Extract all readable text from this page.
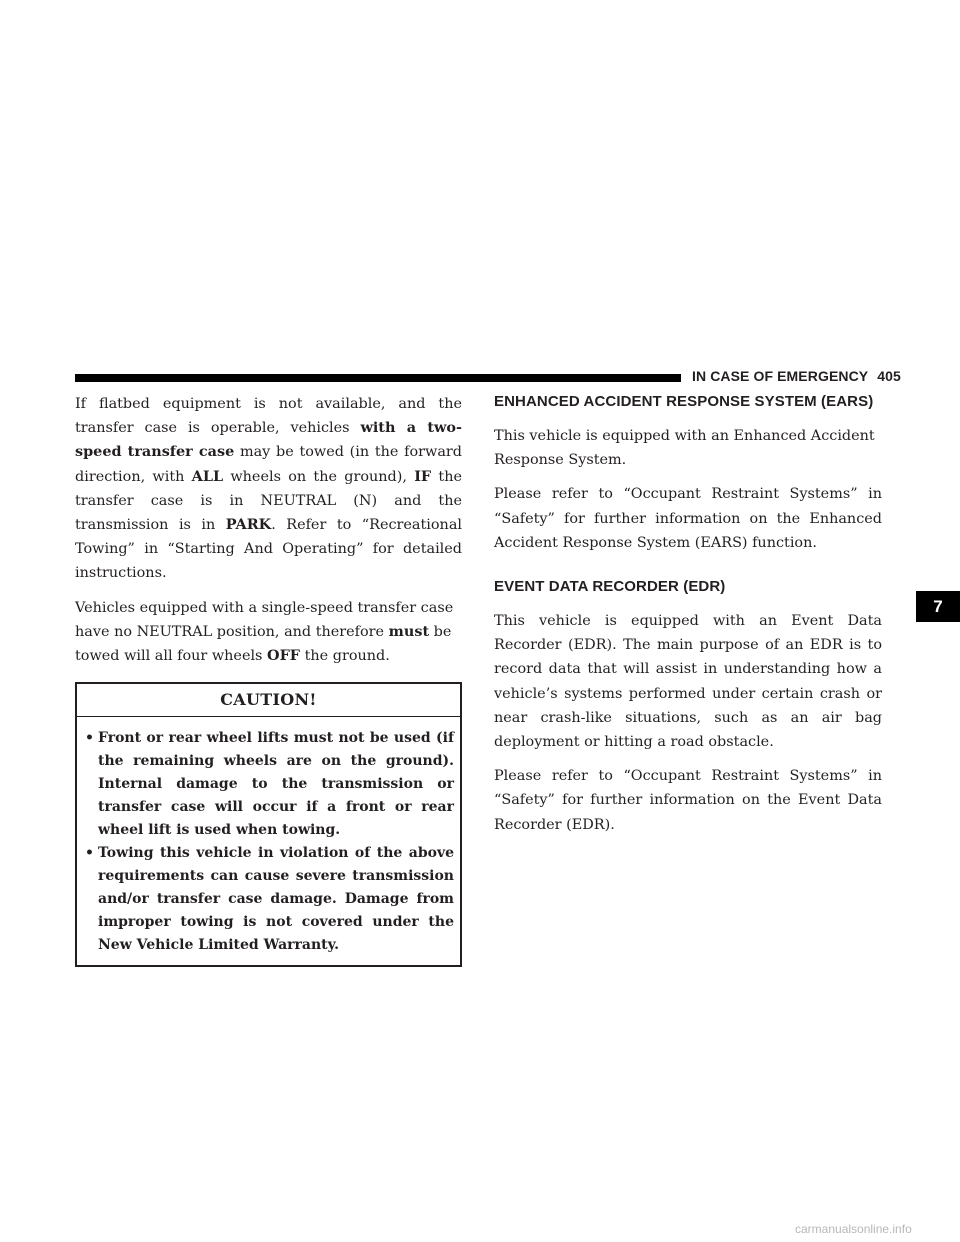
IN CASE OF EMERGENCY 405

If flatbed equipment is not available, and the transfer case is operable, vehicles with a two-speed transfer case may be towed (in the forward direction, with ALL wheels on the ground), IF the transfer case is in NEUTRAL (N) and the transmission is in PARK. Refer to “Recreational Towing” in “Starting And Operating” for detailed instructions.

Vehicles equipped with a single-speed transfer case have no NEUTRAL position, and therefore must be towed will all four wheels OFF the ground.

CAUTION!
• Front or rear wheel lifts must not be used (if the remaining wheels are on the ground). Internal damage to the transmission or transfer case will occur if a front or rear wheel lift is used when towing.
• Towing this vehicle in violation of the above requirements can cause severe transmission and/or transfer case damage. Damage from improper towing is not covered under the New Vehicle Limited Warranty.
ENHANCED ACCIDENT RESPONSE SYSTEM (EARS)

This vehicle is equipped with an Enhanced Accident Response System.

Please refer to “Occupant Restraint Systems” in “Safety” for further information on the Enhanced Accident Response System (EARS) function.

EVENT DATA RECORDER (EDR)

This vehicle is equipped with an Event Data Recorder (EDR). The main purpose of an EDR is to record data that will assist in understanding how a vehicle’s systems performed under certain crash or near crash-like situations, such as an air bag deployment or hitting a road obstacle.

Please refer to “Occupant Restraint Systems” in “Safety” for further information on the Event Data Recorder (EDR).

7
carmanualsonline.info
